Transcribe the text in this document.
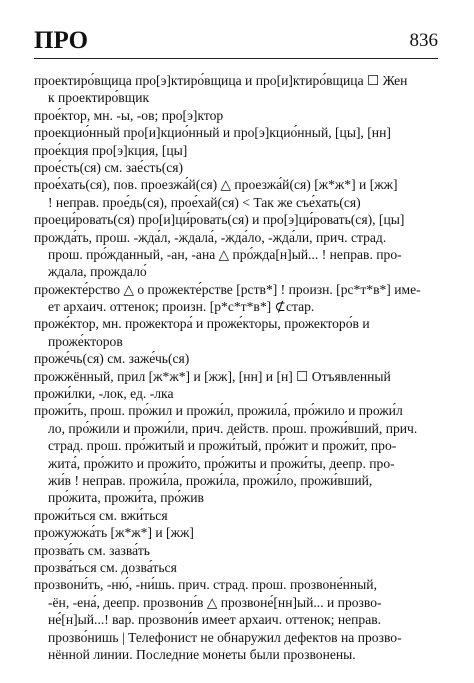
ПРО	836
проектиро́вщица про[э]ктиро́вщица и про[и]ктиро́вщица ☐ Жен
к проектиро́вщик
прое́ктор, мн. -ы, -ов; про[э]ктор
проекцио́нный про[и]кцио́нный и про[э]кцио́нный, [цы], [нн]
прое́кция про[э]кция, [цы]
прое́сть(ся) см. зае́сть(ся)
прое́хать(ся), пов. проезжа́й(ся) △ проезжа́й(ся) [ж*ж*] и [жж]
! неправ. прое́дь(ся), прое́хай(ся) < Так же съе́хать(ся)
проеци́ровать(ся) про[и]ци́ровать(ся) и про[э]ци́ровать(ся), [цы]
прожда́ть, прош. -жда́л, -ждала́, -жда́ло, -жда́ли, прич. страд.
прош. про́жданный, -ан, -ана △ про́жда[н]ый... ! неправ. про-
ждала, прождало́
прожекте́рство △ о прожекте́рстве [рств*] ! произн. [рс*т*в*] име-
ет архаич. оттенок; произн. [р*с*т*в*] ⊄стар.
проже́ктор, мн. прожектора́ и проже́кторы, прожекторо́в и
проже́кторов
проже́чь(ся) см. заже́чь(ся)
прожжённый, прил [ж*ж*] и [жж], [нн] и [н] ☐ Отъявленный
прожи́лки, -лок, ед. -лка
прожи́ть, прош. про́жил и прожи́л, прожила́, про́жило и прожи́л
ло, про́жили и прожи́ли, прич. действ. прош. прожи́вший, прич.
страд. прош. про́житый и прожи́тый, про́жит и прожи́т, про-
жита́, про́жито и прожи́то, про́житы и прожи́ты, деепр. про-
жи́в ! неправ. прожи́ла, прожи́ла, прожи́ло, прожи́вший,
про́жита, прожи́та, про́жив
прожи́ться см. вжи́ться
прожужжа́ть [ж*ж*] и [жж]
прозва́ть см. зазва́ть
прозва́ться см. дозва́ться
прозвони́ть, -ню́, -ни́шь. прич. страд. прош. прозвоне́нный,
-ён, -ена́, деепр. прозвони́в △ прозвоне́[нн]ый... и прозво-
не́[н]ый...! вар. прозвони́в имеет архаич. оттенок; неправ.
прозво́нишь | Телефонист не обнаружил дефектов на прозво-
нённой линии. Последние монеты были прозвонены.
